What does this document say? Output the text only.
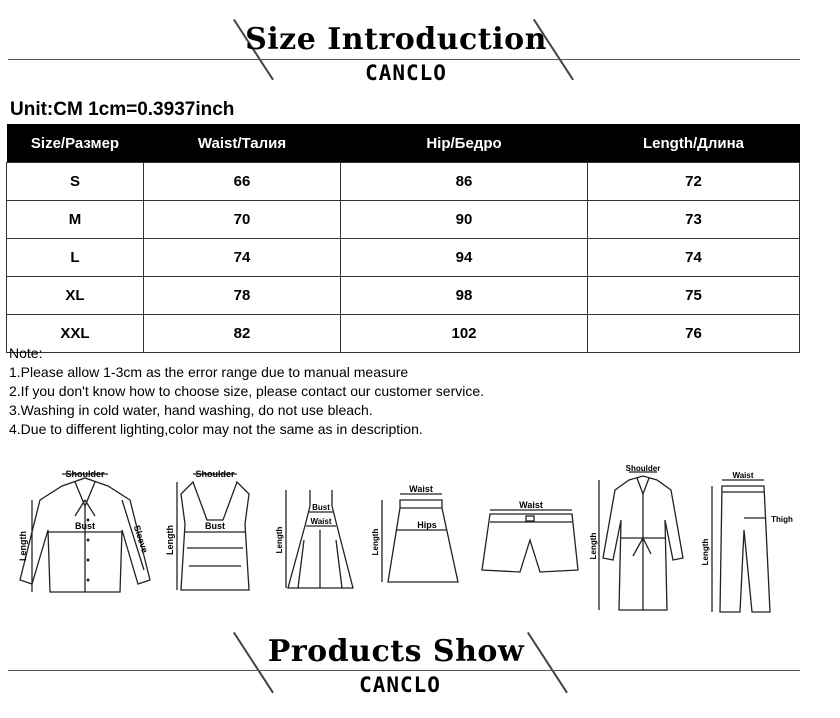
Size Introduction
CANCLO
Unit:CM 1cm=0.3937inch
Size/Размер	Waist/Талия	Hip/Бедро	Length/Длина
S	66	86	72
M	70	90	73
L	74	94	74
XL	78	98	75
XXL	82	102	76
Note:
1.Please allow 1-3cm as the error range due to manual measure
2.If you don't know how to choose size, please contact our customer service.
3.Washing in cold water, hand washing, do not use bleach.
4.Due to different lighting,color may not the same as in description.
Shoulder
Bust
Length	Sleeve
Shoulder
Bust
Length
Bust
Waist
Length
Waist
Hips
Length
Waist
Shoulder
Length
Waist
Thigh
Length
Products Show
CANCLO
